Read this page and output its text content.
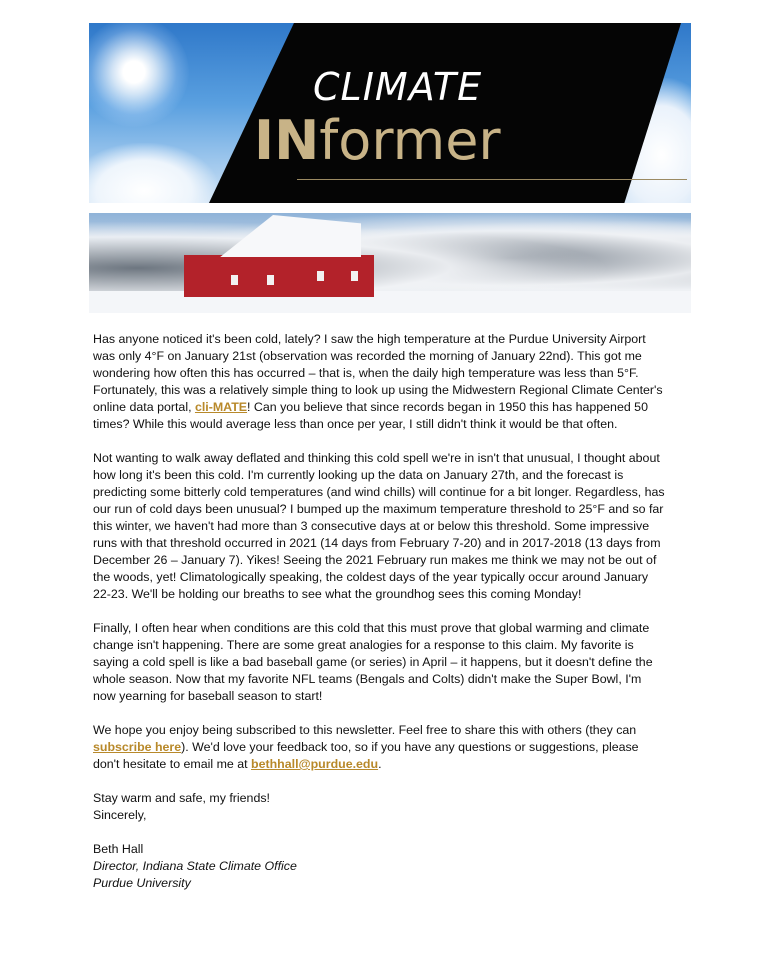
CLIMATE
INformer

Has anyone noticed it's been cold, lately? I saw the high temperature at the Purdue University Airport was only 4°F on January 21st (observation was recorded the morning of January 22nd). This got me wondering how often this has occurred – that is, when the daily high temperature was less than 5°F. Fortunately, this was a relatively simple thing to look up using the Midwestern Regional Climate Center's online data portal, cli-MATE! Can you believe that since records began in 1950 this has happened 50 times? While this would average less than once per year, I still didn't think it would be that often.

Not wanting to walk away deflated and thinking this cold spell we're in isn't that unusual, I thought about how long it's been this cold. I'm currently looking up the data on January 27th, and the forecast is predicting some bitterly cold temperatures (and wind chills) will continue for a bit longer. Regardless, has our run of cold days been unusual? I bumped up the maximum temperature threshold to 25°F and so far this winter, we haven't had more than 3 consecutive days at or below this threshold. Some impressive runs with that threshold occurred in 2021 (14 days from February 7-20) and in 2017-2018 (13 days from December 26 – January 7). Yikes! Seeing the 2021 February run makes me think we may not be out of the woods, yet! Climatologically speaking, the coldest days of the year typically occur around January 22-23. We'll be holding our breaths to see what the groundhog sees this coming Monday!

Finally, I often hear when conditions are this cold that this must prove that global warming and climate change isn't happening. There are some great analogies for a response to this claim. My favorite is saying a cold spell is like a bad baseball game (or series) in April – it happens, but it doesn't define the whole season. Now that my favorite NFL teams (Bengals and Colts) didn't make the Super Bowl, I'm now yearning for baseball season to start!

We hope you enjoy being subscribed to this newsletter. Feel free to share this with others (they can subscribe here). We'd love your feedback too, so if you have any questions or suggestions, please don't hesitate to email me at bethhall@purdue.edu.

Stay warm and safe, my friends!

Sincerely,

Beth Hall

Director, Indiana State Climate Office

Purdue University
